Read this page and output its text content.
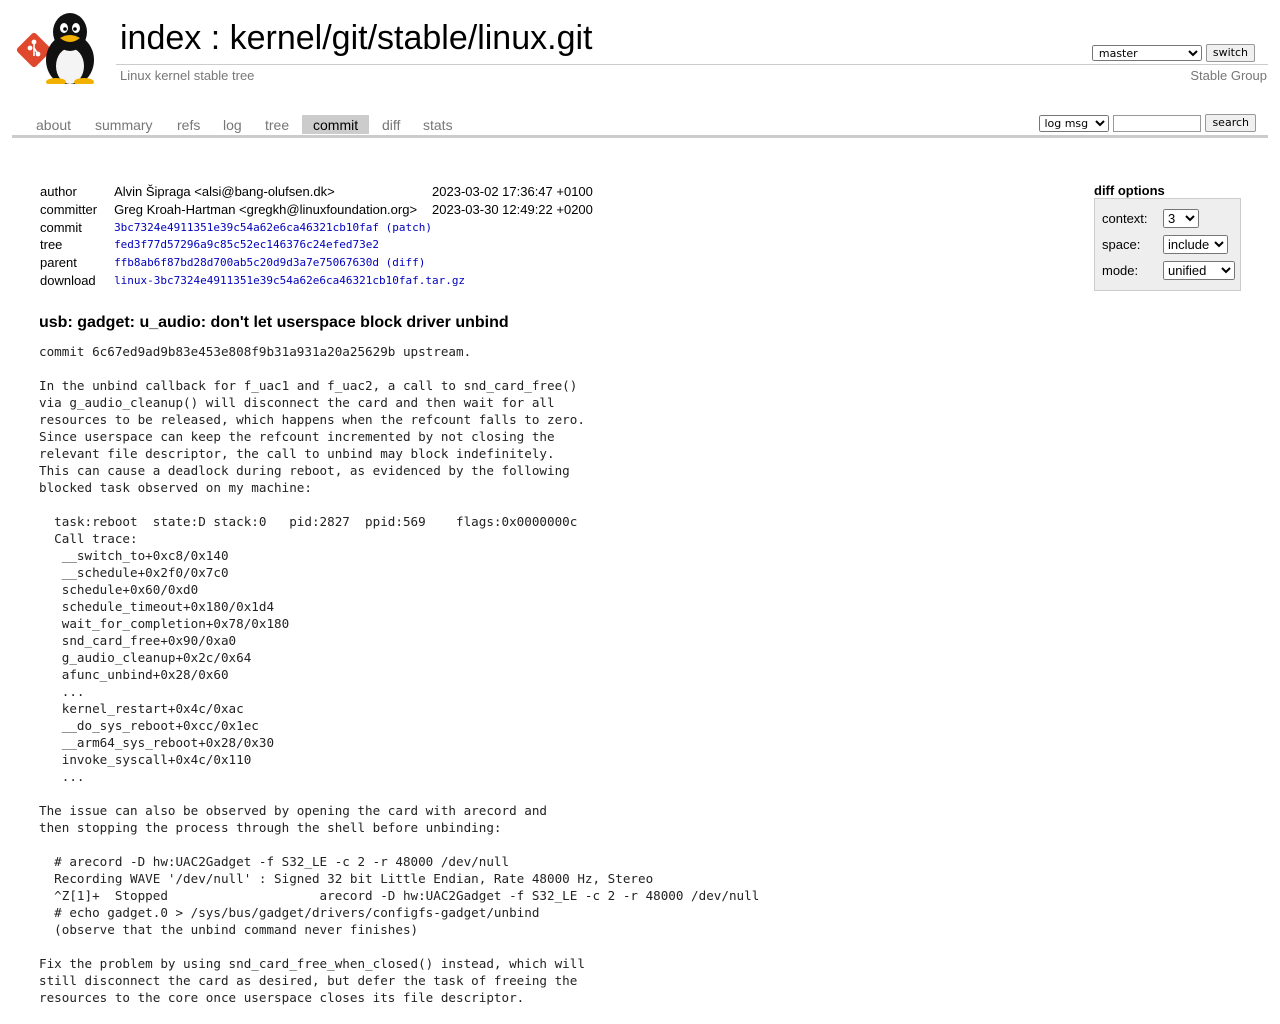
index : kernel/git/stable/linux.git
Linux kernel stable tree
master
switch
Stable Group
about	summary	refs	log	tree	commit	diff	stats
log msg	search
author	Alvin Šipraga <alsi@bang-olufsen.dk>	2023-03-02 17:36:47 +0100
committer	Greg Kroah-Hartman <gregkh@linuxfoundation.org>	2023-03-30 12:49:22 +0200
commit	3bc7324e4911351e39c54a62e6ca46321cb10faf (patch)	
tree	fed3f77d57296a9c85c52ec146376c24efed73e2	
parent	ffb8ab6f87bd28d700ab5c20d9d3a7e75067630d (diff)	
download	linux-3bc7324e4911351e39c54a62e6ca46321cb10faf.tar.gz	
diff options
context:
3
space:
include
mode:
unified
usb: gadget: u_audio: don't let userspace block driver unbind
commit 6c67ed9ad9b83e453e808f9b31a931a20a25629b upstream.

In the unbind callback for f_uac1 and f_uac2, a call to snd_card_free()
via g_audio_cleanup() will disconnect the card and then wait for all
resources to be released, which happens when the refcount falls to zero.
Since userspace can keep the refcount incremented by not closing the
relevant file descriptor, the call to unbind may block indefinitely.
This can cause a deadlock during reboot, as evidenced by the following
blocked task observed on my machine:

task:reboot  state:D stack:0   pid:2827  ppid:569    flags:0x0000000c
Call trace:
__switch_to+0xc8/0x140
__schedule+0x2f0/0x7c0
schedule+0x60/0xd0
schedule_timeout+0x180/0x1d4
wait_for_completion+0x78/0x180
snd_card_free+0x90/0xa0
g_audio_cleanup+0x2c/0x64
afunc_unbind+0x28/0x60
...
kernel_restart+0x4c/0xac
__do_sys_reboot+0xcc/0x1ec
__arm64_sys_reboot+0x28/0x30
invoke_syscall+0x4c/0x110
...

The issue can also be observed by opening the card with arecord and
then stopping the process through the shell before unbinding:

# arecord -D hw:UAC2Gadget -f S32_LE -c 2 -r 48000 /dev/null
Recording WAVE '/dev/null' : Signed 32 bit Little Endian, Rate 48000 Hz, Stereo
^Z[1]+  Stopped                    arecord -D hw:UAC2Gadget -f S32_LE -c 2 -r 48000 /dev/null
# echo gadget.0 > /sys/bus/gadget/drivers/configfs-gadget/unbind
(observe that the unbind command never finishes)

Fix the problem by using snd_card_free_when_closed() instead, which will
still disconnect the card as desired, but defer the task of freeing the
resources to the core once userspace closes its file descriptor.
